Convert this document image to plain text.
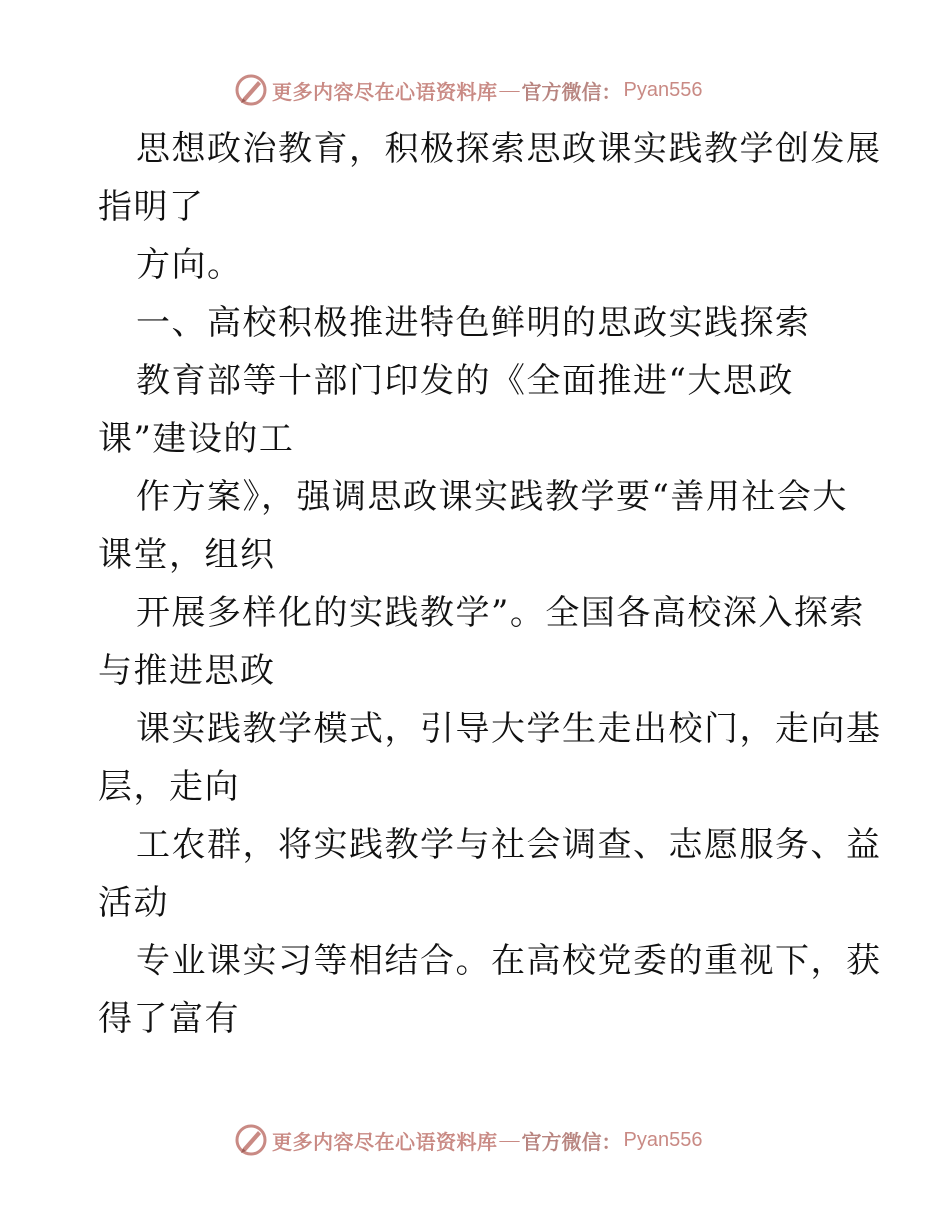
更多内容尽在心语资料库 — 官方微信： Pyan556
思想政治教育，积极探索思政课实践教学创发展
指明了
方向。
一、高校积极推进特色鲜明的思政实践探索
教育部等十部门印发的《全面推进“大思政
课”建设的工
作方案》，强调思政课实践教学要“善用社会大
课堂，组织
开展多样化的实践教学”。全国各高校深入探索
与推进思政
课实践教学模式，引导大学生走出校门，走向基
层，走向
工农群，将实践教学与社会调查、志愿服务、益
活动
专业课实习等相结合。在高校党委的重视下，获
得了富有
更多内容尽在心语资料库 — 官方微信： Pyan556
